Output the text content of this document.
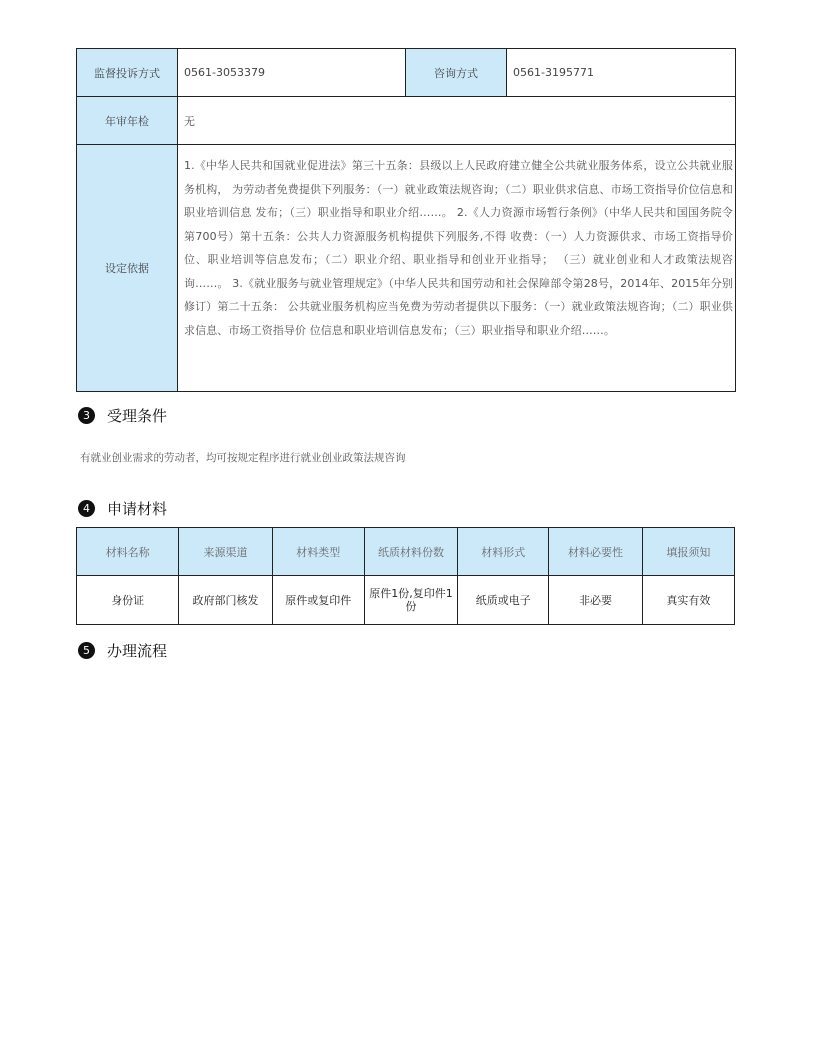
监督投诉方式	0561-3053379	咨询方式	0561-3195771
年审年检	无		
设定依据	1.《中华人民共和国就业促进法》第三十五条：县级以上人民政府建立健全公共就业服务体系，设立公共就业服务机构， 为劳动者免费提供下列服务：（一）就业政策法规咨询；（二）职业供求信息、市场工资指导价位信息和职业培训信息 发布；（三）职业指导和职业介绍……。 2.《人力资源市场暂行条例》（中华人民共和国国务院令第700号）第十五条：公共人力资源服务机构提供下列服务,不得 收费：（一）人力资源供求、市场工资指导价位、职业培训等信息发布；（二）职业介绍、职业指导和创业开业指导； （三）就业创业和人才政策法规咨询……。 3.《就业服务与就业管理规定》（中华人民共和国劳动和社会保障部令第28号，2014年、2015年分别修订）第二十五条： 公共就业服务机构应当免费为劳动者提供以下服务：（一）就业政策法规咨询；（二）职业供求信息、市场工资指导价 位信息和职业培训信息发布；（三）职业指导和职业介绍……。		
3	受理条件
有就业创业需求的劳动者，均可按规定程序进行就业创业政策法规咨询
4	申请材料
材料名称	来源渠道	材料类型	纸质材料份数	材料形式	材料必要性	填报须知
身份证	政府部门核发	原件或复印件	原件1份,复印件1份	纸质或电子	非必要	真实有效
5	办理流程
